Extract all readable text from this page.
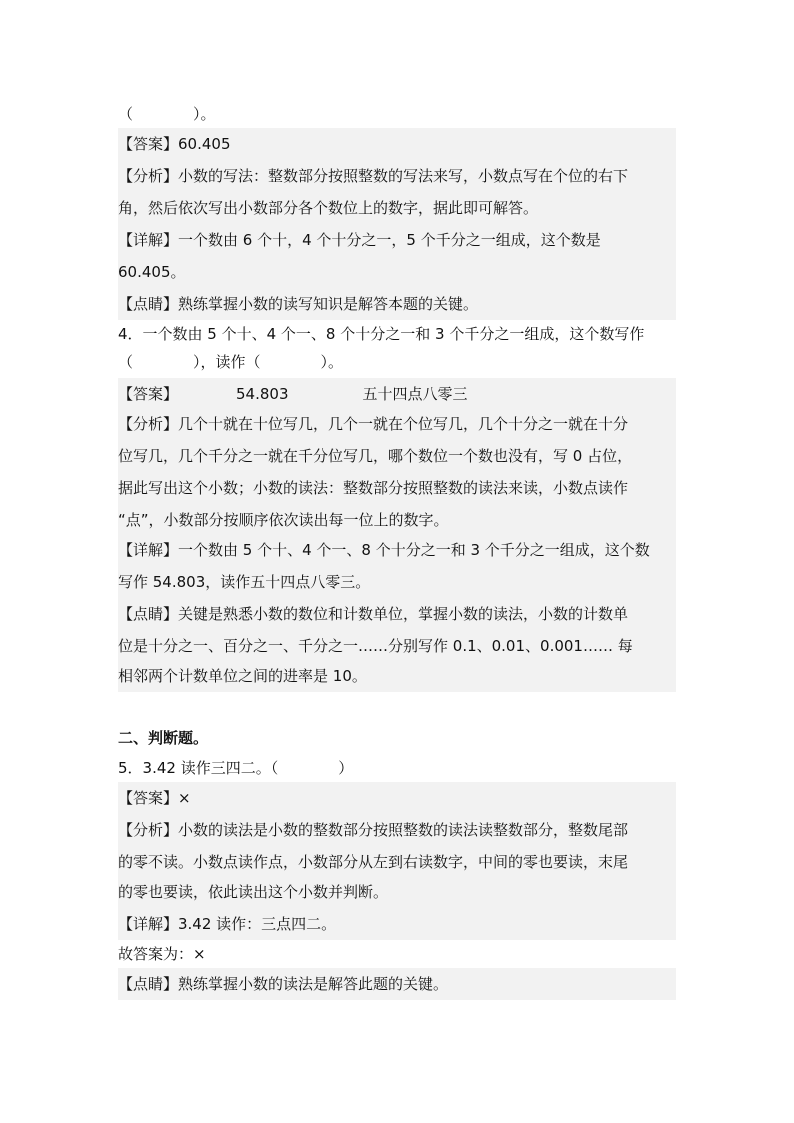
（　　　　）。
【答案】60.405
【分析】小数的写法：整数部分按照整数的写法来写，小数点写在个位的右下
角，然后依次写出小数部分各个数位上的数字，据此即可解答。
【详解】一个数由 6 个十，4 个十分之一，5 个千分之一组成，这个数是
60.405。
【点睛】熟练掌握小数的读写知识是解答本题的关键。
4．一个数由 5 个十、4 个一、8 个十分之一和 3 个千分之一组成，这个数写作
（　　　　），读作（　　　　）。
【答案】	54.803	五十四点八零三
【分析】几个十就在十位写几，几个一就在个位写几，几个十分之一就在十分
位写几，几个千分之一就在千分位写几，哪个数位一个数也没有，写 0 占位，
据此写出这个小数；小数的读法：整数部分按照整数的读法来读，小数点读作
“点”，小数部分按顺序依次读出每一位上的数字。
【详解】一个数由 5 个十、4 个一、8 个十分之一和 3 个千分之一组成，这个数
写作 54.803，读作五十四点八零三。
【点睛】关键是熟悉小数的数位和计数单位，掌握小数的读法，小数的计数单
位是十分之一、百分之一、千分之一……分别写作 0.1、0.01、0.001…… 每
相邻两个计数单位之间的进率是 10。
二、判断题。
5．3.42 读作三四二。（　　　　）
【答案】×
【分析】小数的读法是小数的整数部分按照整数的读法读整数部分，整数尾部
的零不读。小数点读作点，小数部分从左到右读数字，中间的零也要读，末尾
的零也要读，依此读出这个小数并判断。
【详解】3.42 读作：三点四二。
故答案为：×
【点睛】熟练掌握小数的读法是解答此题的关键。
